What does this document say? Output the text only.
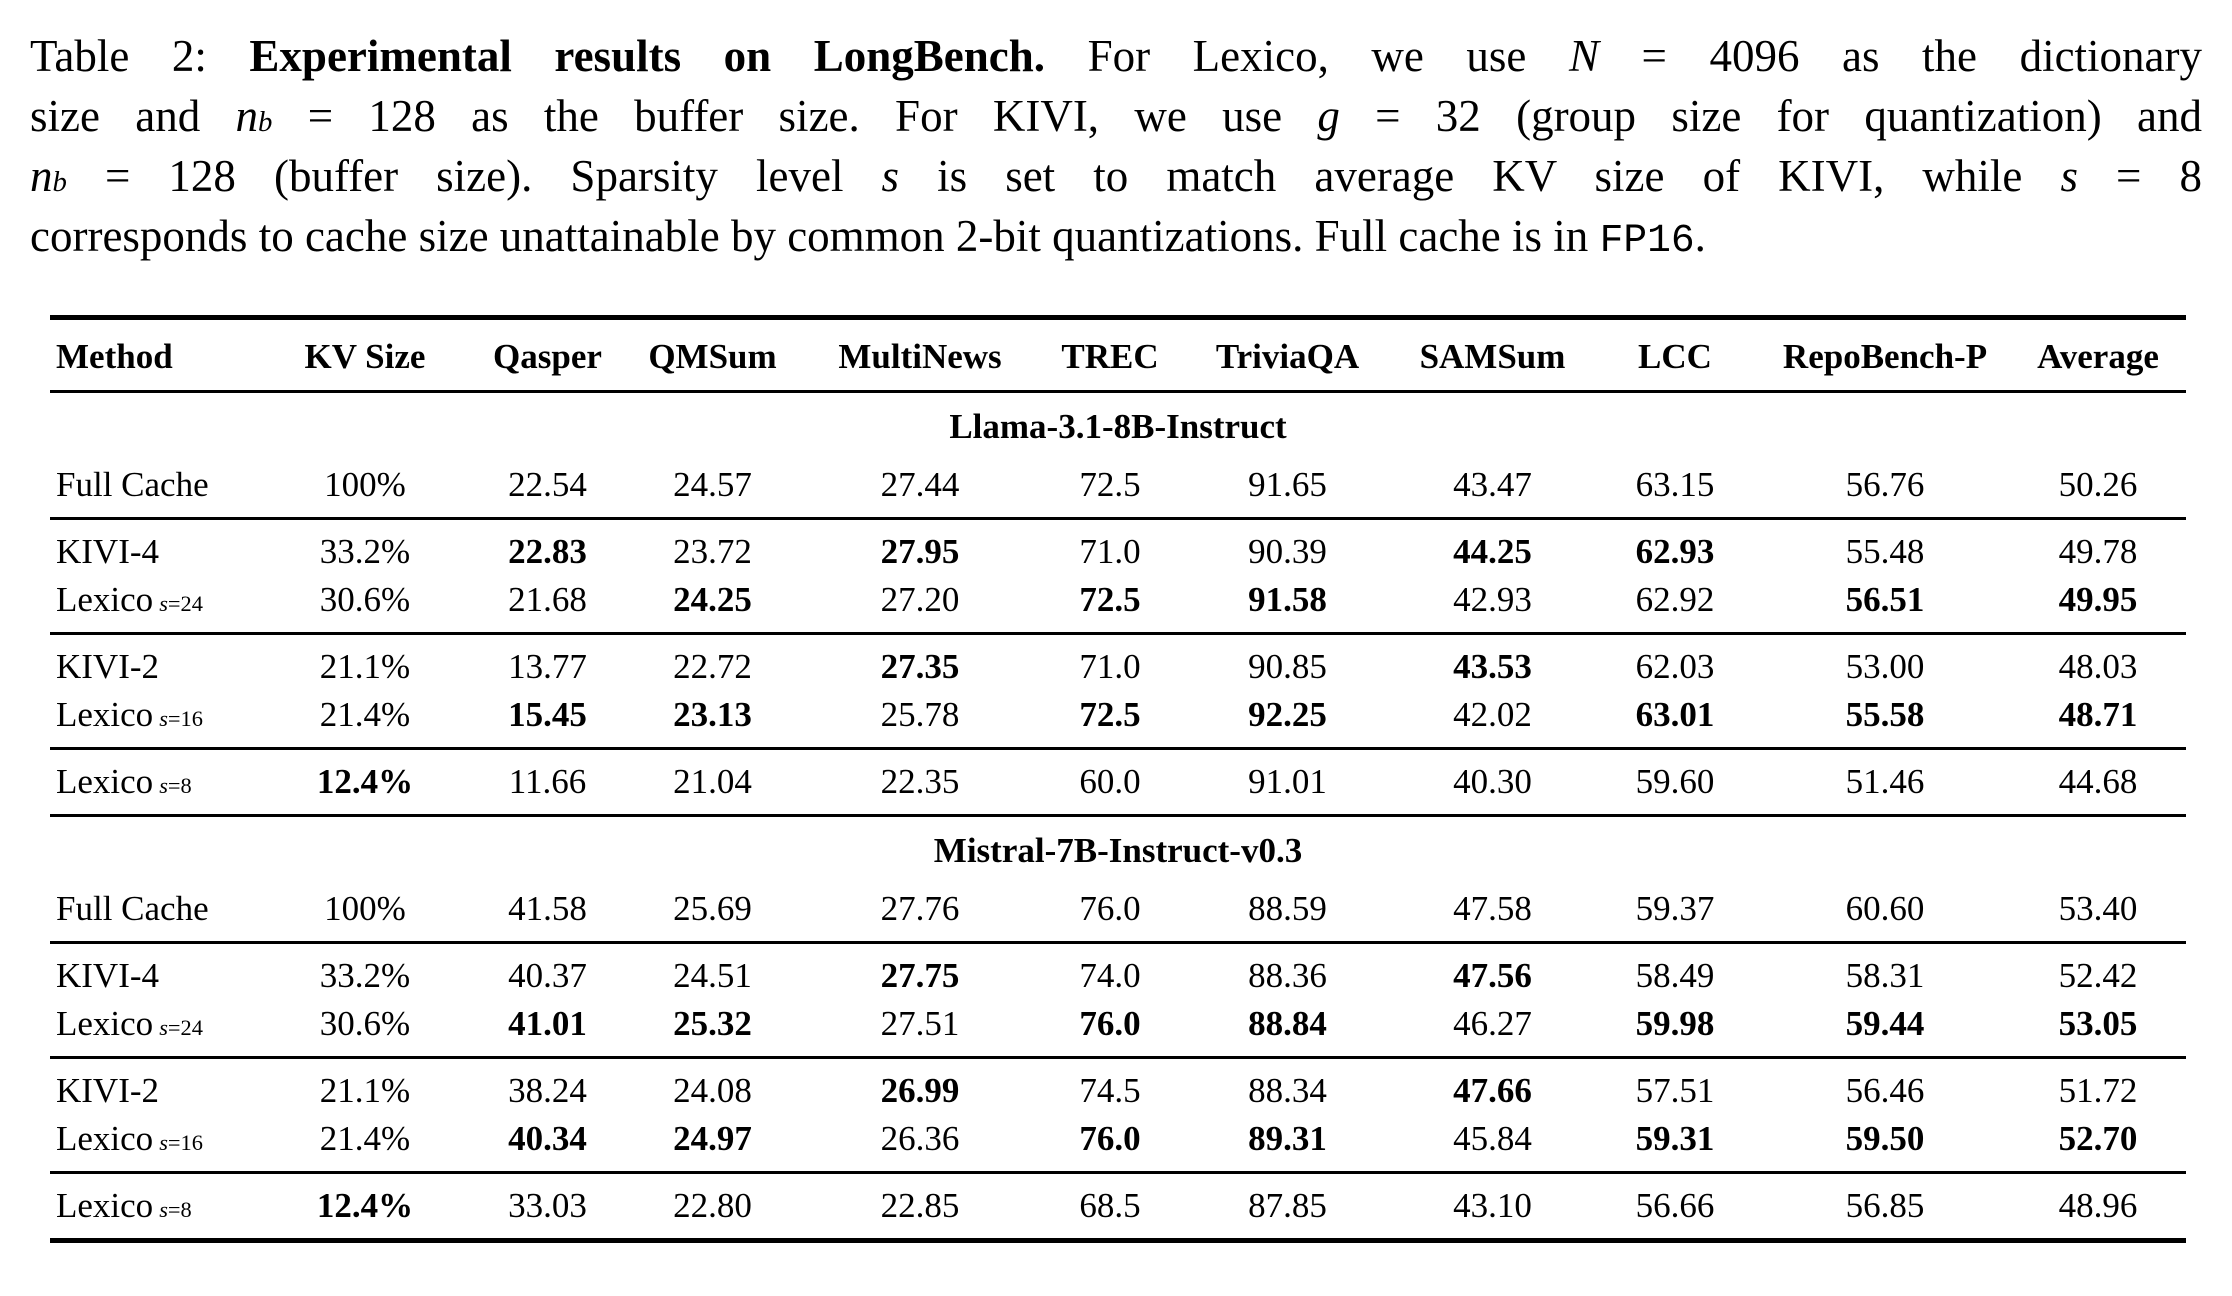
Table 2: Experimental results on LongBench. For Lexico, we use N = 4096 as the dictionary
size and $n_b = 128$ as the buffer size. For KIVI, we use g = 32 (group size for quantization) and
$n_b = 128$ (buffer size). Sparsity level s is set to match average KV size of KIVI, while s = 8
corresponds to cache size unattainable by common 2-bit quantizations. Full cache is in FP16.
Method	KV Size	Qasper	QMSum	MultiNews	TREC	TriviaQA	SAMSum	LCC	RepoBench-P	Average
Llama-3.1-8B-Instruct										
Full Cache	100%	22.54	24.57	27.44	72.5	91.65	43.47	63.15	56.76	50.26
KIVI-4	33.2%	22.83	23.72	27.95	71.0	90.39	44.25	62.93	55.48	49.78
Lexico $_{s=24}$	30.6%	21.68	24.25	27.20	72.5	91.58	42.93	62.92	56.51	49.95
KIVI-2	21.1%	13.77	22.72	27.35	71.0	90.85	43.53	62.03	53.00	48.03
Lexico $_{s=16}$	21.4%	15.45	23.13	25.78	72.5	92.25	42.02	63.01	55.58	48.71
Lexico $_{s=8}$	12.4%	11.66	21.04	22.35	60.0	91.01	40.30	59.60	51.46	44.68
Mistral-7B-Instruct-v0.3										
Full Cache	100%	41.58	25.69	27.76	76.0	88.59	47.58	59.37	60.60	53.40
KIVI-4	33.2%	40.37	24.51	27.75	74.0	88.36	47.56	58.49	58.31	52.42
Lexico $_{s=24}$	30.6%	41.01	25.32	27.51	76.0	88.84	46.27	59.98	59.44	53.05
KIVI-2	21.1%	38.24	24.08	26.99	74.5	88.34	47.66	57.51	56.46	51.72
Lexico $_{s=16}$	21.4%	40.34	24.97	26.36	76.0	89.31	45.84	59.31	59.50	52.70
Lexico $_{s=8}$	12.4%	33.03	22.80	22.85	68.5	87.85	43.10	56.66	56.85	48.96
